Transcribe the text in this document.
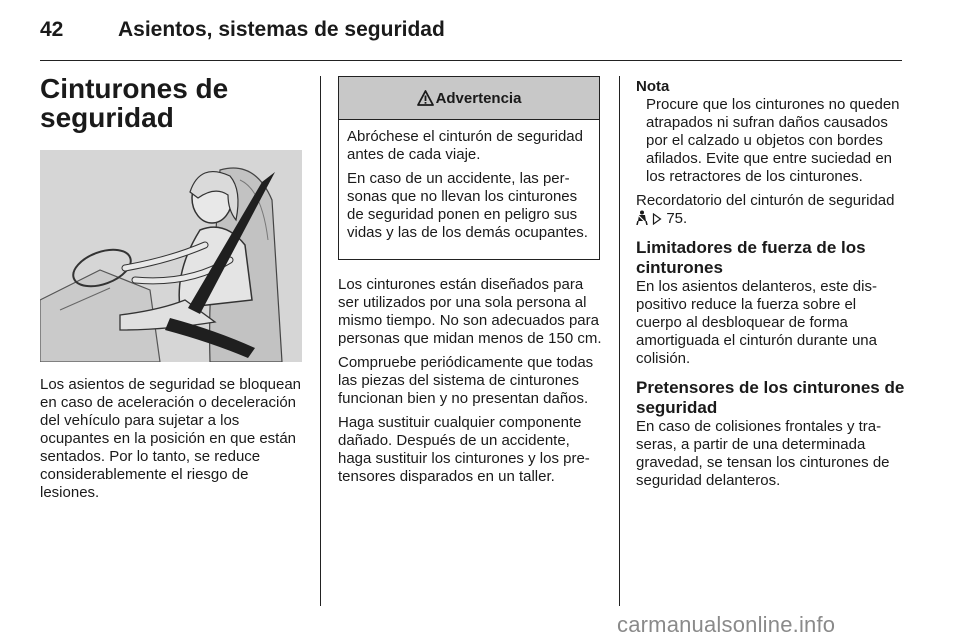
42	Asientos, sistemas de seguridad
Cinturones de seguridad

Los asientos de seguridad se bloquean en caso de aceleración o deceleración del vehículo para sujetar a los ocupantes en la posición en que están sentados. Por lo tanto, se reduce considerablemente el riesgo de lesiones.

Advertencia

Abróchese el cinturón de seguridad antes de cada viaje.

En caso de un accidente, las personas que no llevan los cinturones de seguridad ponen en peligro sus vidas y las de los demás ocupantes.

Los cinturones están diseñados para ser utilizados por una sola persona al mismo tiempo. No son adecuados para personas que midan menos de 150 cm.

Compruebe periódicamente que todas las piezas del sistema de cinturones funcionan bien y no presentan daños.

Haga sustituir cualquier componente dañado. Después de un accidente, haga sustituir los cinturones y los pretensores disparados en un taller.

Nota

Procure que los cinturones no queden atrapados ni sufran daños causados por el calzado u objetos con bordes afilados. Evite que entre suciedad en los retractores de los cinturones.

Recordatorio del cinturón de seguridad   75.

Limitadores de fuerza de los cinturones

En los asientos delanteros, este dispositivo reduce la fuerza sobre el cuerpo al desbloquear de forma amortiguada el cinturón durante una colisión.

Pretensores de los cinturones de seguridad

En caso de colisiones frontales y traseras, a partir de una determinada gravedad, se tensan los cinturones de seguridad delanteros.

carmanualsonline.info
